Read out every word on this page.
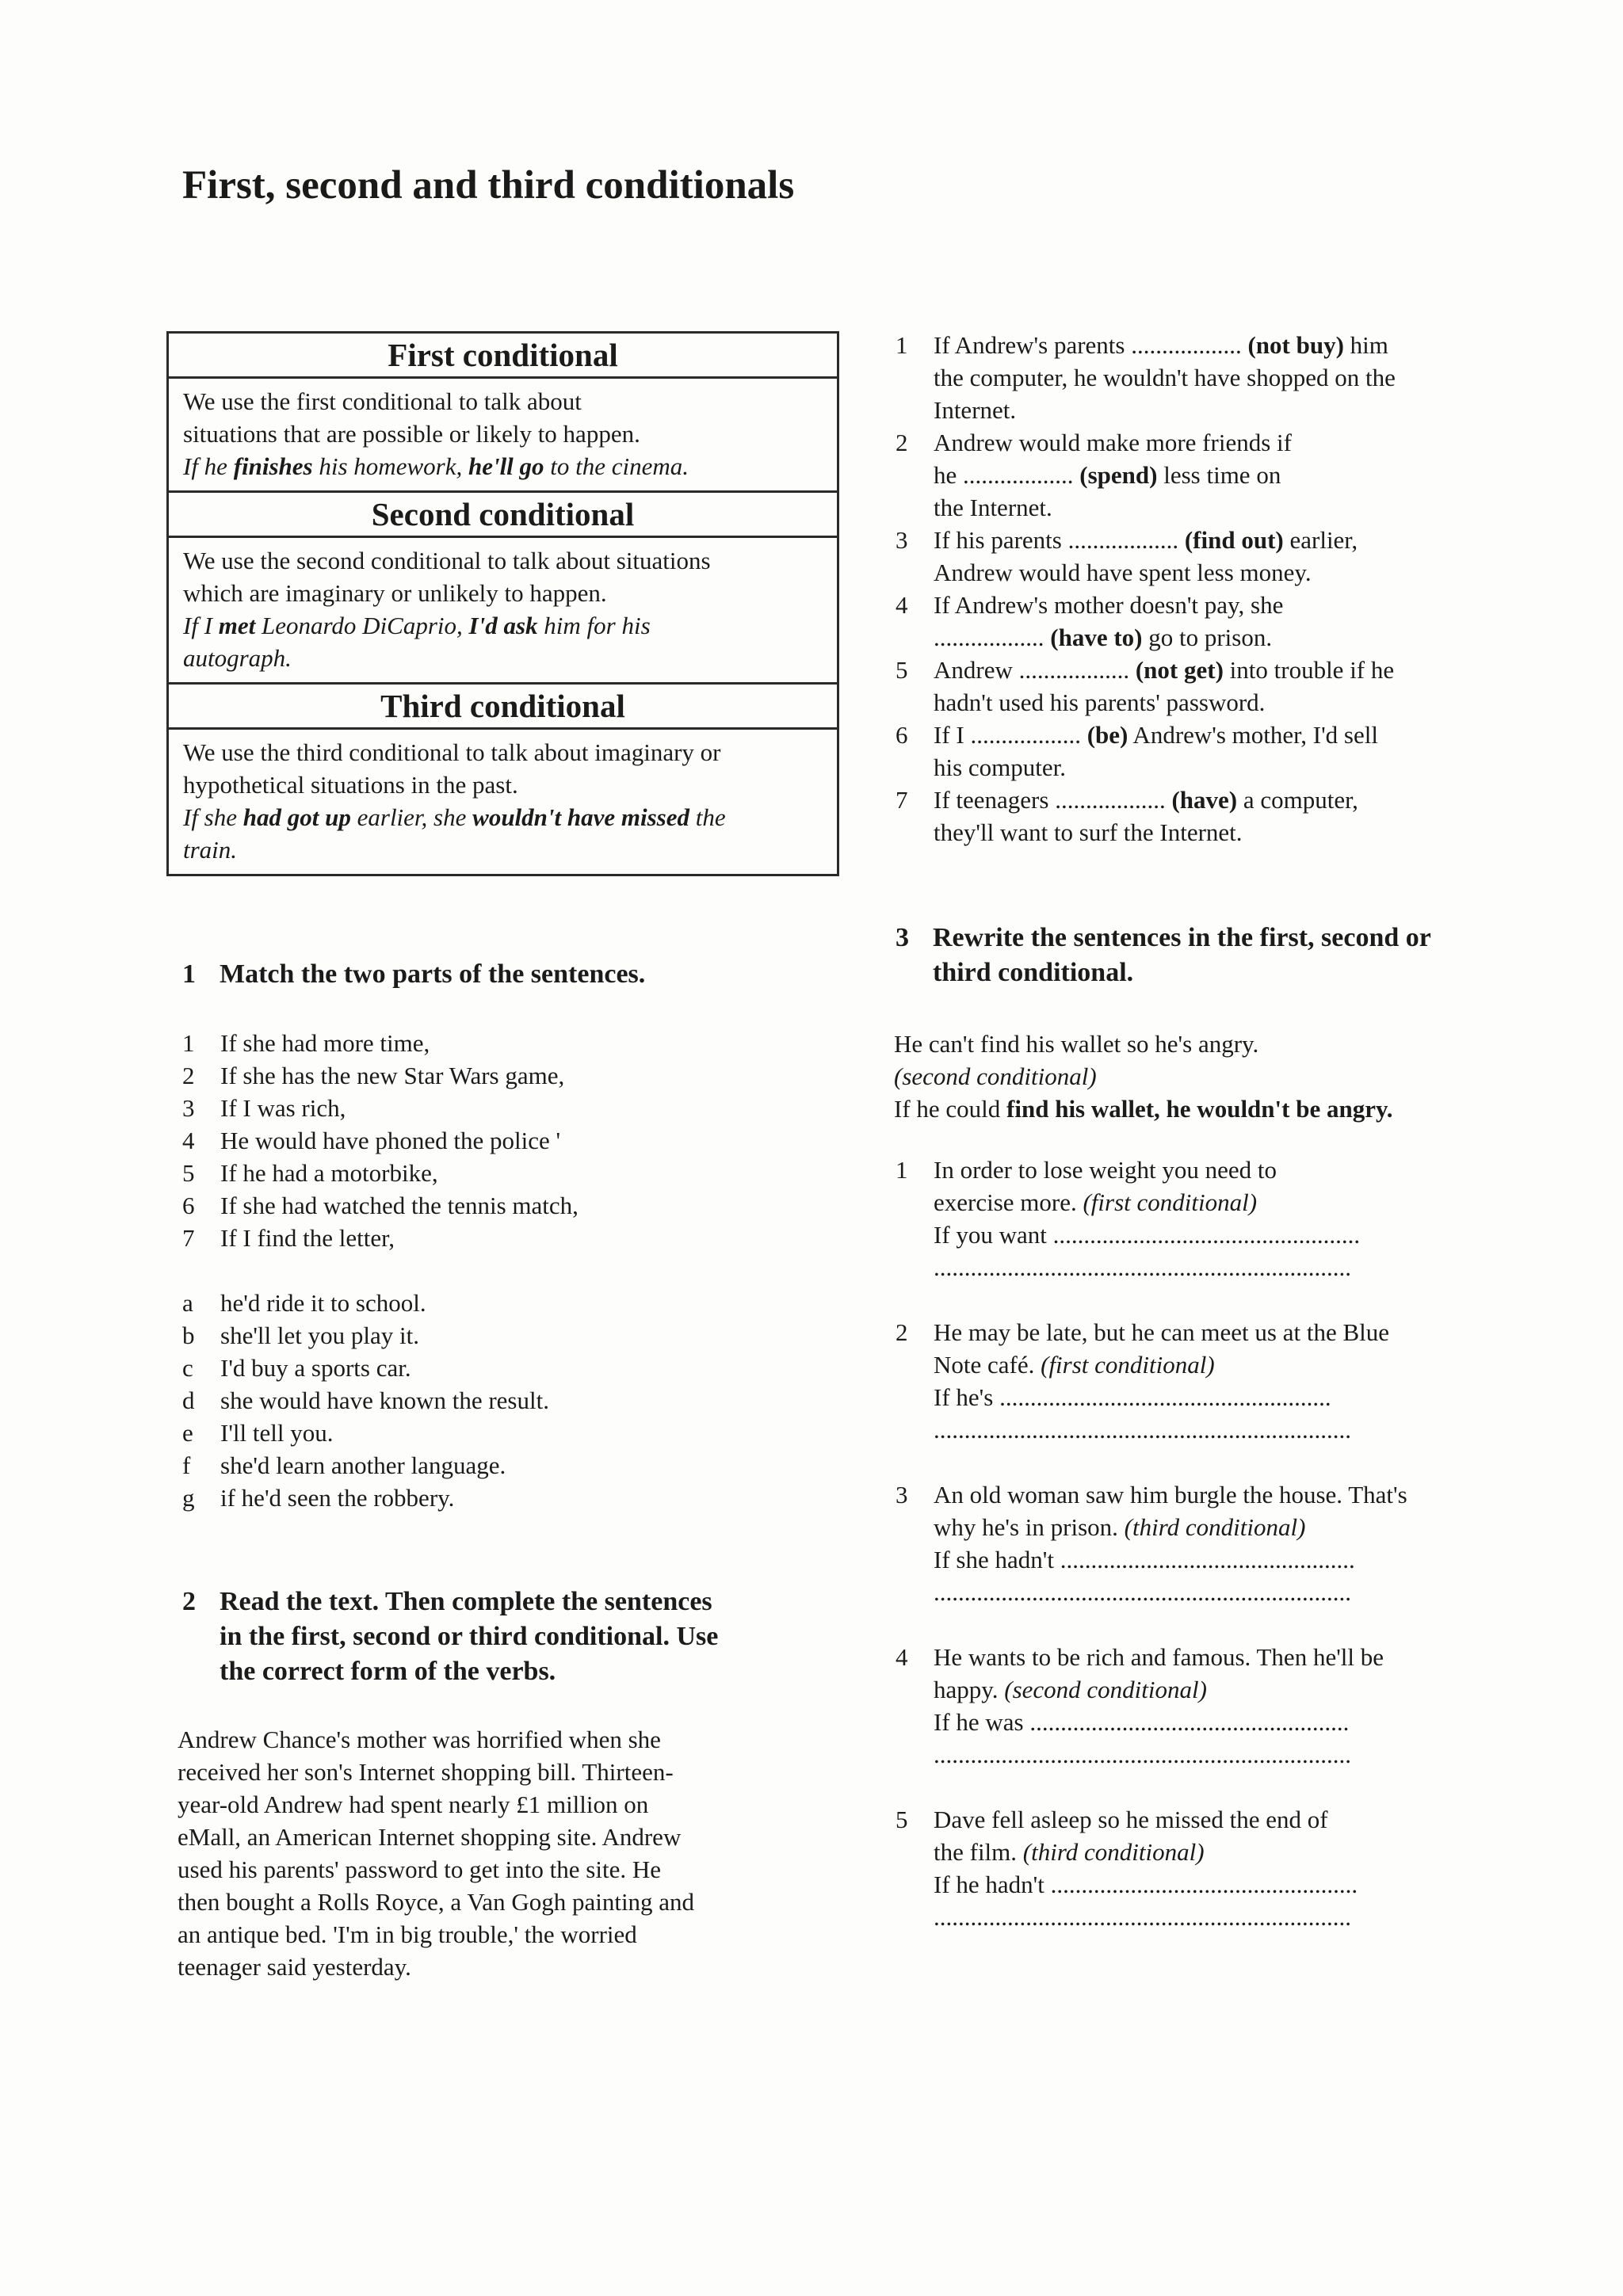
First, second and third conditionals
First conditional
We use the first conditional to talk about
situations that are possible or likely to happen.
If he finishes his homework, he'll go to the cinema.
Second conditional
We use the second conditional to talk about situations
which are imaginary or unlikely to happen.
If I met Leonardo DiCaprio, I'd ask him for his
autograph.
Third conditional
We use the third conditional to talk about imaginary or
hypothetical situations in the past.
If she had got up earlier, she wouldn't have missed the
train.
1 Match the two parts of the sentences.
1 If she had more time,
2 If she has the new Star Wars game,
3 If I was rich,
4 He would have phoned the police '
5 If he had a motorbike,
6 If she had watched the tennis match,
7 If I find the letter,
a he'd ride it to school.
b she'll let you play it.
c I'd buy a sports car.
d she would have known the result.
e I'll tell you.
f she'd learn another language.
g if he'd seen the robbery.
2 Read the text. Then complete the sentences
in the first, second or third conditional. Use
the correct form of the verbs.
Andrew Chance's mother was horrified when she
received her son's Internet shopping bill. Thirteen-
year-old Andrew had spent nearly £1 million on
eMall, an American Internet shopping site. Andrew
used his parents' password to get into the site. He
then bought a Rolls Royce, a Van Gogh painting and
an antique bed. 'I'm in big trouble,' the worried
teenager said yesterday.
1 If Andrew's parents .................. (not buy) him
the computer, he wouldn't have shopped on the
Internet.
2 Andrew would make more friends if
he .................. (spend) less time on
the Internet.
3 If his parents .................. (find out) earlier,
Andrew would have spent less money.
4 If Andrew's mother doesn't pay, she
.................. (have to) go to prison.
5 Andrew .................. (not get) into trouble if he
hadn't used his parents' password.
6 If I .................. (be) Andrew's mother, I'd sell
his computer.
7 If teenagers .................. (have) a computer,
they'll want to surf the Internet.
3 Rewrite the sentences in the first, second or
third conditional.
He can't find his wallet so he's angry.
(second conditional)
If he could find his wallet, he wouldn't be angry.
1 In order to lose weight you need to
exercise more. (first conditional)
If you want ..................................................
....................................................................
2 He may be late, but he can meet us at the Blue
Note café. (first conditional)
If he's ......................................................
....................................................................
3 An old woman saw him burgle the house. That's
why he's in prison. (third conditional)
If she hadn't ................................................
....................................................................
4 He wants to be rich and famous. Then he'll be
happy. (second conditional)
If he was ....................................................
....................................................................
5 Dave fell asleep so he missed the end of
the film. (third conditional)
If he hadn't ..................................................
....................................................................
